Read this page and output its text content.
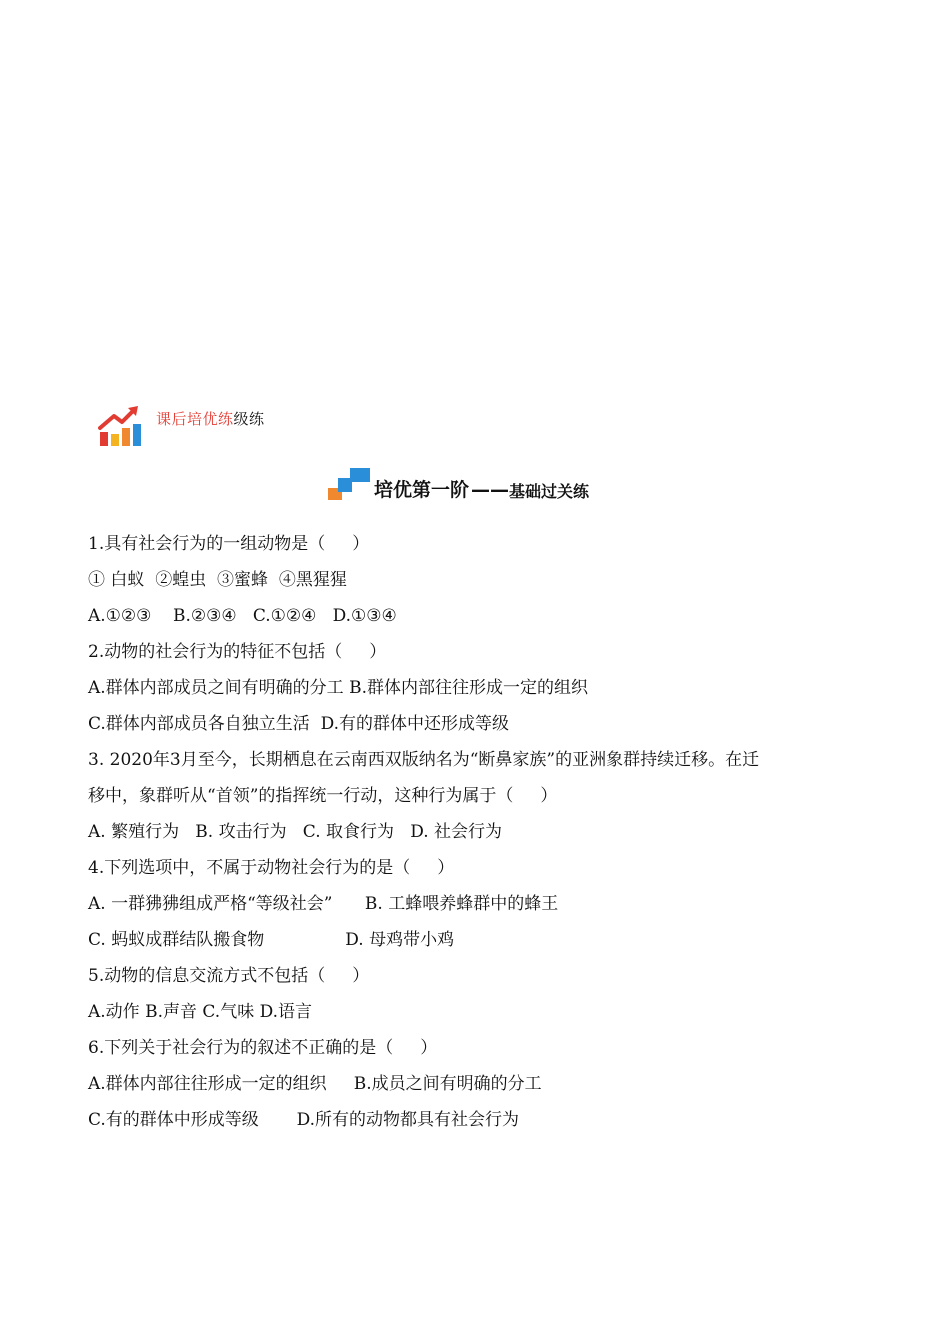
课后培优练级练
培优第一阶 —— 基础过关练
1.具有社会行为的一组动物是（     ）
① 白蚁  ②蝗虫  ③蜜蜂  ④黑猩猩
A.①②③    B.②③④   C.①②④   D.①③④
2.动物的社会行为的特征不包括（     ）
A.群体内部成员之间有明确的分工 B.群体内部往往形成一定的组织
C.群体内部成员各自独立生活  D.有的群体中还形成等级
3. 2020年3月至今，长期栖息在云南西双版纳名为“断鼻家族”的亚洲象群持续迁移。在迁
移中，象群听从“首领”的指挥统一行动，这种行为属于（     ）
A. 繁殖行为   B. 攻击行为   C. 取食行为   D. 社会行为
4.下列选项中，不属于动物社会行为的是（     ）
A. 一群狒狒组成严格“等级社会”      B. 工蜂喂养蜂群中的蜂王
C. 蚂蚁成群结队搬食物               D. 母鸡带小鸡
5.动物的信息交流方式不包括（     ）
A.动作 B.声音 C.气味 D.语言
6.下列关于社会行为的叙述不正确的是（     ）
A.群体内部往往形成一定的组织     B.成员之间有明确的分工
C.有的群体中形成等级       D.所有的动物都具有社会行为
